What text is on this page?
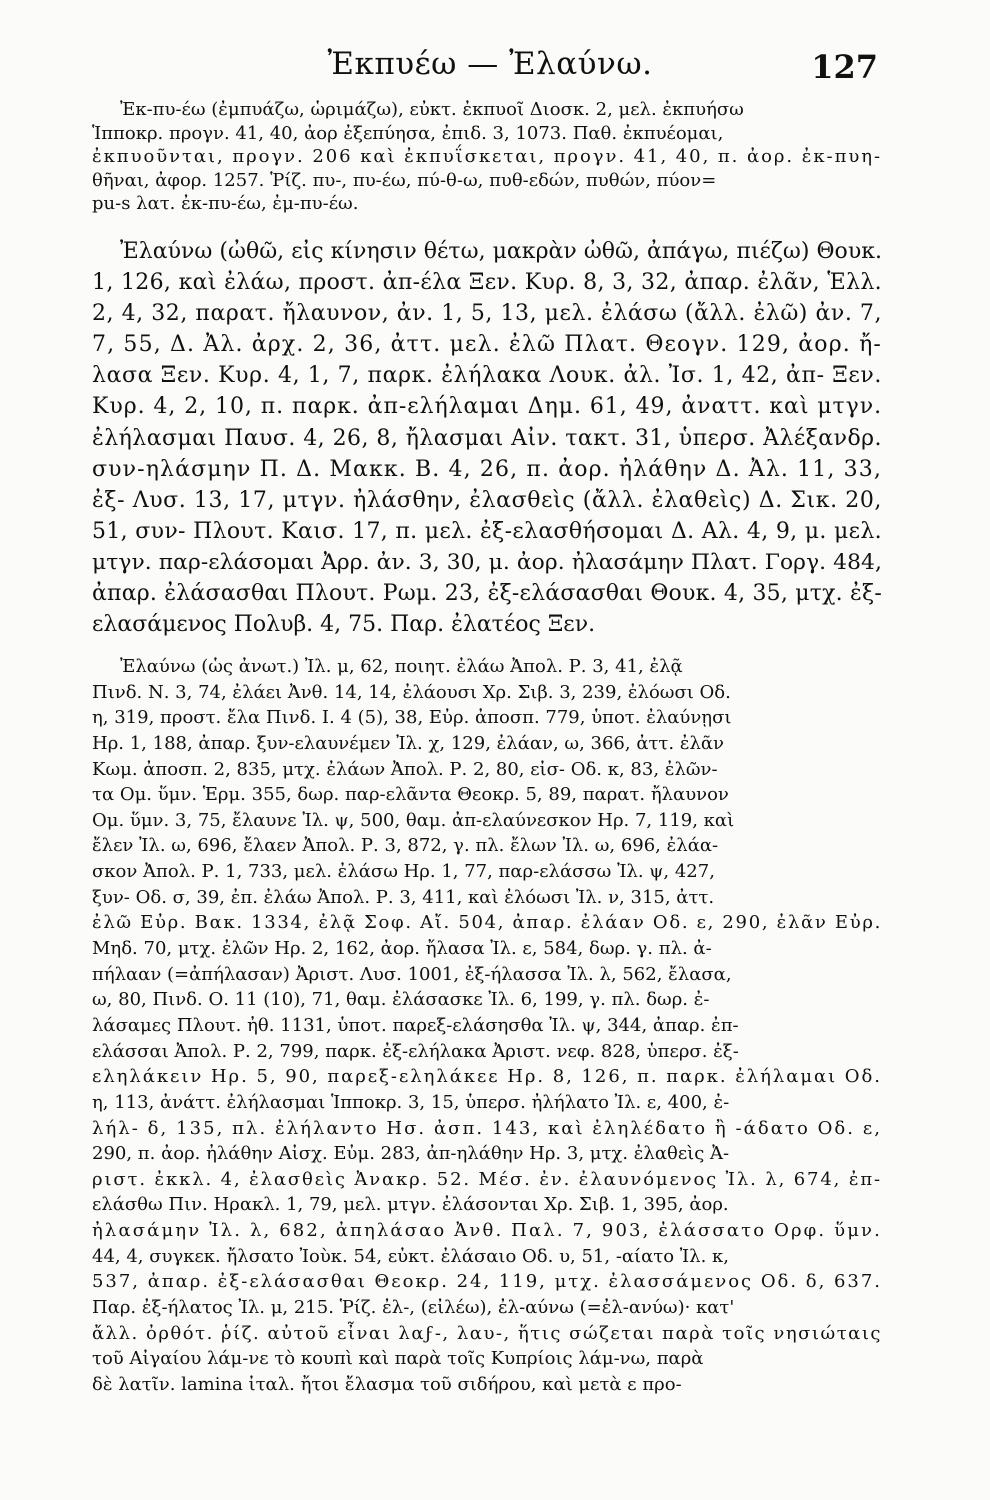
Ἐκπυέω — Ἐλαύνω.	127
Ἐκ-πυ-έω (ἐμπυάζω, ὡριμάζω), εὐκτ. ἐκπυοῖ Διοσκ. 2, μελ. ἐκπυήσω
Ἱπποκρ. προγν. 41, 40, ἀορ ἐξεπύησα, ἐπιδ. 3, 1073. Παθ. ἐκπυέομαι,
ἐκπυοῦνται, προγν. 206 καὶ ἐκπυΐσκεται, προγν. 41, 40, π. ἀορ. ἐκ-πυη-
θῆναι, ἀφορ. 1257. Ῥίζ. πυ-, πυ-έω, πύ-θ-ω, πυθ-εδών, πυθών, πύον=
pu-s λατ. ἐκ-πυ-έω, ἐμ-πυ-έω.
Ἐλαύνω (ὠθῶ, εἰς κίνησιν θέτω, μακρὰν ὠθῶ, ἀπάγω, πιέζω) Θουκ.
1, 126, καὶ ἐλάω, προστ. ἀπ-έλα Ξεν. Κυρ. 8, 3, 32, ἀπαρ. ἐλᾶν, Ἑλλ.
2, 4, 32, παρατ. ἤλαυνον, ἀν. 1, 5, 13, μελ. ἐλάσω (ἄλλ. ἐλῶ) ἀν. 7,
7, 55, Δ. Ἀλ. ἀρχ. 2, 36, ἀττ. μελ. ἐλῶ Πλατ. Θεογν. 129, ἀορ. ἤ-
λασα Ξεν. Κυρ. 4, 1, 7, παρκ. ἐλήλακα Λουκ. ἀλ. Ἰσ. 1, 42, ἀπ- Ξεν.
Κυρ. 4, 2, 10, π. παρκ. ἀπ-ελήλαμαι Δημ. 61, 49, ἀναττ. καὶ μτγν.
ἐλήλασμαι Παυσ. 4, 26, 8, ἤλασμαι Αἰν. τακτ. 31, ὑπερσ. Ἀλέξανδρ.
συν-ηλάσμην Π. Δ. Μακκ. Β. 4, 26, π. ἀορ. ἠλάθην Δ. Ἀλ. 11, 33,
ἐξ- Λυσ. 13, 17, μτγν. ἠλάσθην, ἐλασθεὶς (ἄλλ. ἐλαθεὶς) Δ. Σικ. 20,
51, συν- Πλουτ. Καισ. 17, π. μελ. ἐξ-ελασθήσομαι Δ. Αλ. 4, 9, μ. μελ.
μτγν. παρ-ελάσομαι Ἀρρ. ἀν. 3, 30, μ. ἀορ. ἠλασάμην Πλατ. Γοργ. 484,
ἀπαρ. ἐλάσασθαι Πλουτ. Ρωμ. 23, ἐξ-ελάσασθαι Θουκ. 4, 35, μτχ. ἐξ-
ελασάμενος Πολυβ. 4, 75. Παρ. ἐλατέος Ξεν.
Ἐλαύνω (ὡς ἀνωτ.) Ἰλ. μ, 62, ποιητ. ἐλάω Ἀπολ. Ρ. 3, 41, ἐλᾷ
Πινδ. Ν. 3, 74, ἐλάει Ἀνθ. 14, 14, ἐλάουσι Χρ. Σιβ. 3, 239, ἐλόωσι Οδ.
η, 319, προστ. ἔλα Πινδ. Ι. 4 (5), 38, Εὐρ. ἀποσπ. 779, ὑποτ. ἐλαύνῃσι
Ηρ. 1, 188, ἀπαρ. ξυν-ελαυνέμεν Ἰλ. χ, 129, ἐλάαν, ω, 366, ἀττ. ἐλᾶν
Κωμ. ἀποσπ. 2, 835, μτχ. ἐλάων Ἀπολ. Ρ. 2, 80, εἰσ- Οδ. κ, 83, ἐλῶν-
τα Ομ. ὕμν. Ἑρμ. 355, δωρ. παρ-ελᾶντα Θεοκρ. 5, 89, παρατ. ἤλαυνον
Ομ. ὕμν. 3, 75, ἔλαυνε Ἰλ. ψ, 500, θαμ. ἀπ-ελαύνεσκον Ηρ. 7, 119, καὶ
ἔλεν Ἰλ. ω, 696, ἔλαεν Ἀπολ. Ρ. 3, 872, γ. πλ. ἔλων Ἰλ. ω, 696, ἐλάα-
σκον Ἀπολ. Ρ. 1, 733, μελ. ἐλάσω Ηρ. 1, 77, παρ-ελάσσω Ἰλ. ψ, 427,
ξυν- Οδ. σ, 39, ἐπ. ἐλάω Ἀπολ. Ρ. 3, 411, καὶ ἐλόωσι Ἰλ. ν, 315, ἀττ.
ἐλῶ Εὐρ. Βακ. 1334, ἐλᾷ Σοφ. Αἴ. 504, ἀπαρ. ἐλάαν Οδ. ε, 290, ἐλᾶν Εὐρ.
Μηδ. 70, μτχ. ἐλῶν Ηρ. 2, 162, ἀορ. ἤλασα Ἰλ. ε, 584, δωρ. γ. πλ. ἀ-
πήλααν (=ἀπήλασαν) Ἀριστ. Λυσ. 1001, ἐξ-ήλασσα Ἰλ. λ, 562, ἔλασα,
ω, 80, Πινδ. Ο. 11 (10), 71, θαμ. ἐλάσασκε Ἰλ. 6, 199, γ. πλ. δωρ. ἐ-
λάσαμες Πλουτ. ἠθ. 1131, ὑποτ. παρεξ-ελάσησθα Ἰλ. ψ, 344, ἀπαρ. ἐπ-
ελάσσαι Ἀπολ. Ρ. 2, 799, παρκ. ἐξ-ελήλακα Ἀριστ. νεφ. 828, ὑπερσ. ἐξ-
εληλάκειν Ηρ. 5, 90, παρεξ-εληλάκεε Ηρ. 8, 126, π. παρκ. ἐλήλαμαι Οδ.
η, 113, ἀνάττ. ἐλήλασμαι Ἱπποκρ. 3, 15, ὑπερσ. ἠλήλατο Ἰλ. ε, 400, ἐ-
λήλ- δ, 135, πλ. ἐλήλαντο Ησ. ἀσπ. 143, καὶ ἐληλέδατο ἢ -άδατο Οδ. ε,
290, π. ἀορ. ἠλάθην Αἰσχ. Εὐμ. 283, ἀπ-ηλάθην Ηρ. 3, μτχ. ἐλαθεὶς Ἀ-
ριστ. ἐκκλ. 4, ἐλασθεὶς Ἀνακρ. 52. Μέσ. ἐν. ἐλαυνόμενος Ἰλ. λ, 674, ἐπ-
ελάσθω Πιν. Ηρακλ. 1, 79, μελ. μτγν. ἐλάσονται Χρ. Σιβ. 1, 395, ἀορ.
ἠλασάμην Ἰλ. λ, 682, ἀπηλάσαο Ἀνθ. Παλ. 7, 903, ἐλάσσατο Ορφ. ὕμν.
44, 4, συγκεκ. ἤλσατο Ἰοὺκ. 54, εὐκτ. ἐλάσαιο Οδ. υ, 51, -αίατο Ἰλ. κ,
537, ἀπαρ. ἐξ-ελάσασθαι Θεοκρ. 24, 119, μτχ. ἐλασσάμενος Οδ. δ, 637.
Παρ. ἐξ-ήλατος Ἰλ. μ, 215. Ῥίζ. ἐλ-, (εἰλέω), ἐλ-αύνω (=ἐλ-ανύω)· κατ'
ἄλλ. ὀρθότ. ῥίζ. αὐτοῦ εἶναι λαϝ-, λαυ-, ἥτις σώζεται παρὰ τοῖς νησιώταις
τοῦ Αἰγαίου λάμ-νε τὸ κουπὶ καὶ παρὰ τοῖς Κυπρίοις λάμ-νω, παρὰ
δὲ λατῖν. lamina ἰταλ. ἤτοι ἔλασμα τοῦ σιδήρου, καὶ μετὰ ε προ-
